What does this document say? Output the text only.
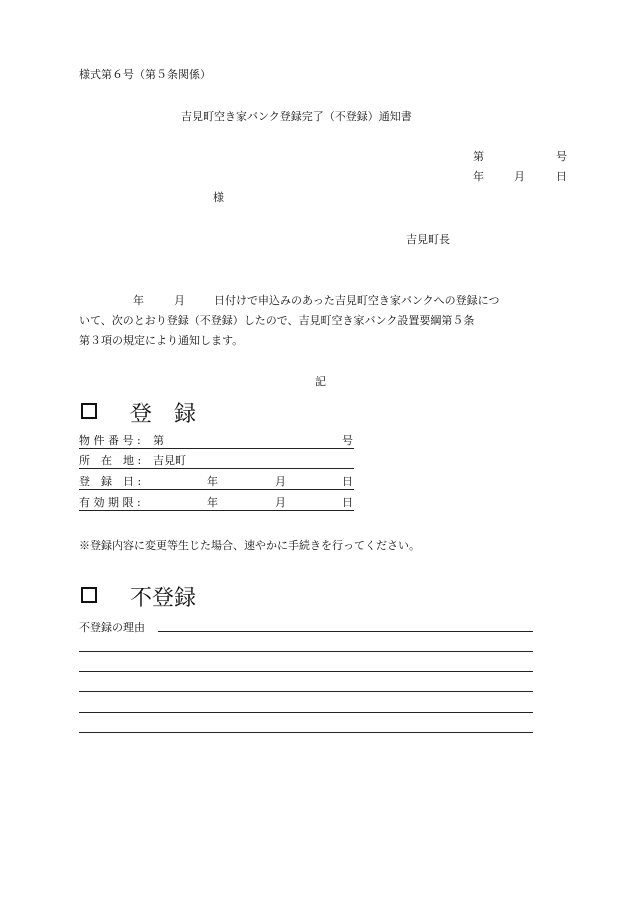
様式第６号（第５条関係）
吉見町空き家バンク登録完了（不登録）通知書
第	号
年	月	日
様
吉見町長
年	月	日付けで申込みのあった吉見町空き家バンクへの登録につ
いて、次のとおり登録（不登録）したので、吉見町空き家バンク設置要綱第５条
第３項の規定により通知します。
記
登　録
物 件 番 号 : 第	号
所　在　地 : 吉見町
登　録　日 :	年	月	日
有 効 期 限 :	年	月	日
※登録内容に変更等生じた場合、速やかに手続きを行ってください。
不登録
不登録の理由
